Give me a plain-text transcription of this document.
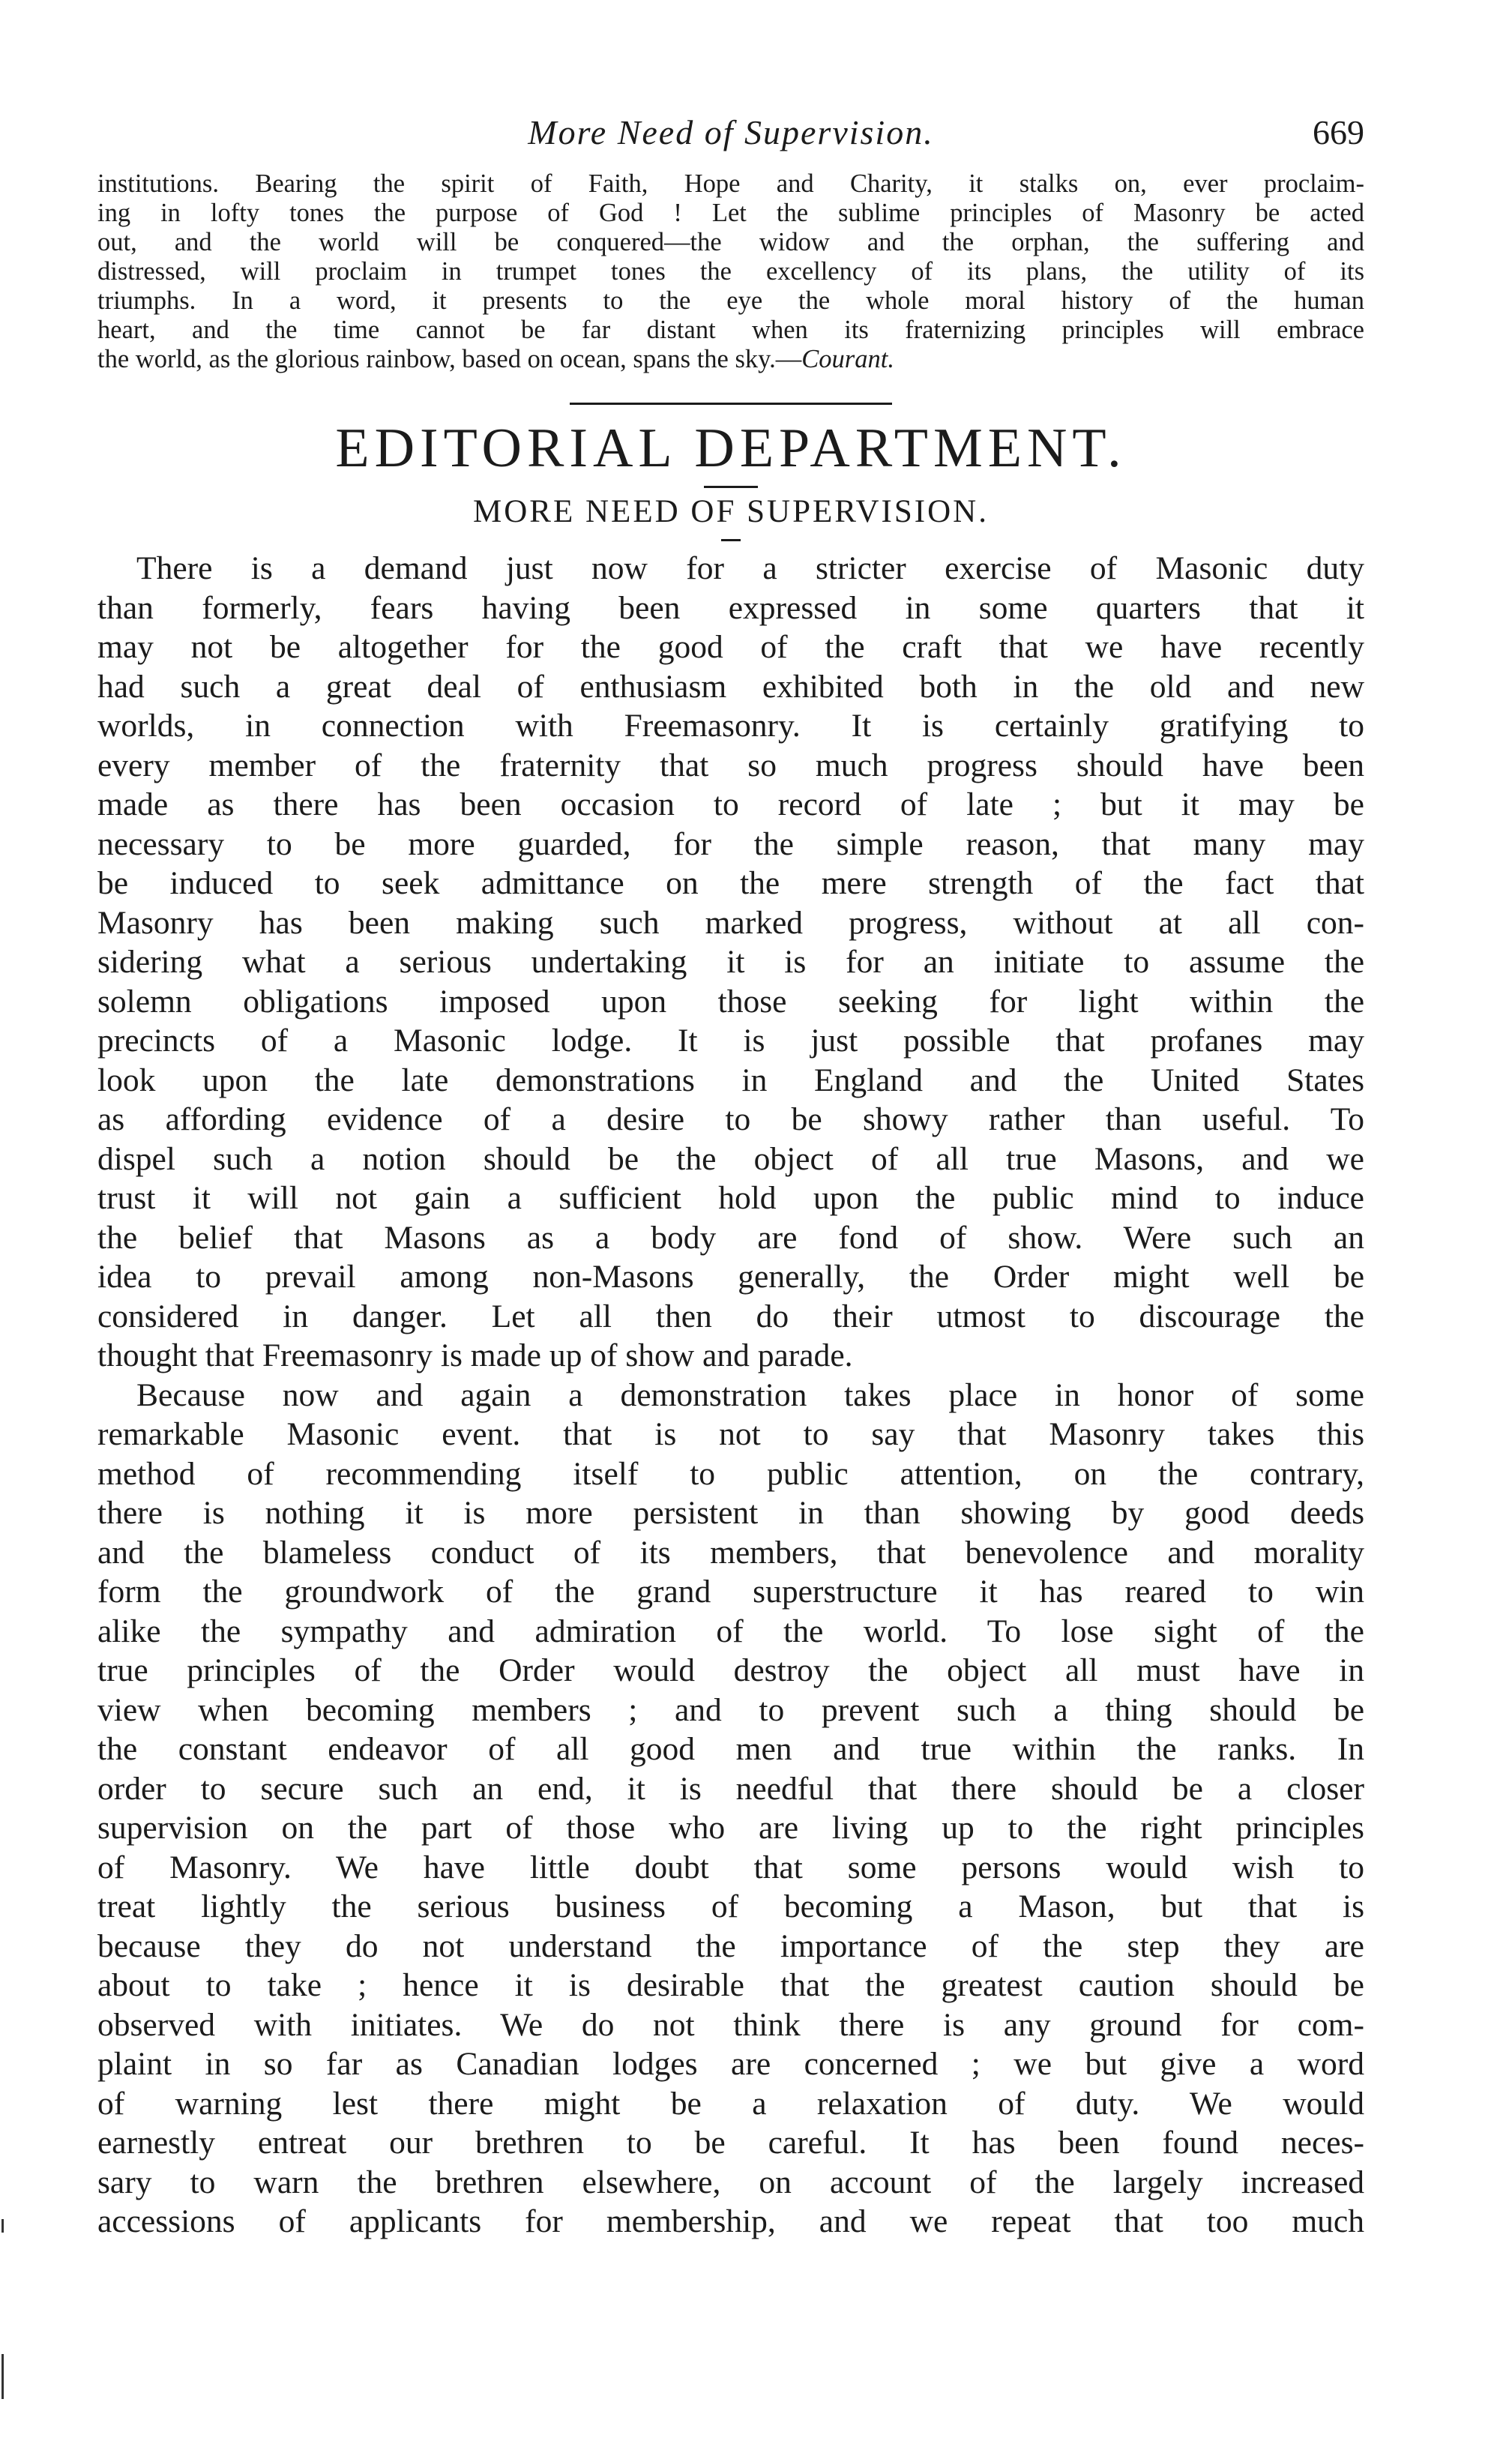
More Need of Supervision.	669
institutions. Bearing the spirit of Faith, Hope and Charity, it stalks on, ever proclaim-
ing in lofty tones the purpose of God ! Let the sublime principles of Masonry be acted
out, and the world will be conquered—the widow and the orphan, the suffering and
distressed, will proclaim in trumpet tones the excellency of its plans, the utility of its
triumphs. In a word, it presents to the eye the whole moral history of the human
heart, and the time cannot be far distant when its fraternizing principles will embrace
the world, as the glorious rainbow, based on ocean, spans the sky.—Courant.
EDITORIAL DEPARTMENT.
MORE NEED OF SUPERVISION.
There is a demand just now for a stricter exercise of Masonic duty
than formerly, fears having been expressed in some quarters that it
may not be altogether for the good of the craft that we have recently
had such a great deal of enthusiasm exhibited both in the old and new
worlds, in connection with Freemasonry. It is certainly gratifying to
every member of the fraternity that so much progress should have been
made as there has been occasion to record of late ; but it may be
necessary to be more guarded, for the simple reason, that many may
be induced to seek admittance on the mere strength of the fact that
Masonry has been making such marked progress, without at all con-
sidering what a serious undertaking it is for an initiate to assume the
solemn obligations imposed upon those seeking for light within the
precincts of a Masonic lodge. It is just possible that profanes may
look upon the late demonstrations in England and the United States
as affording evidence of a desire to be showy rather than useful. To
dispel such a notion should be the object of all true Masons, and we
trust it will not gain a sufficient hold upon the public mind to induce
the belief that Masons as a body are fond of show. Were such an
idea to prevail among non-Masons generally, the Order might well be
considered in danger. Let all then do their utmost to discourage the
thought that Freemasonry is made up of show and parade.
Because now and again a demonstration takes place in honor of some
remarkable Masonic event. that is not to say that Masonry takes this
method of recommending itself to public attention, on the contrary,
there is nothing it is more persistent in than showing by good deeds
and the blameless conduct of its members, that benevolence and morality
form the groundwork of the grand superstructure it has reared to win
alike the sympathy and admiration of the world. To lose sight of the
true principles of the Order would destroy the object all must have in
view when becoming members ; and to prevent such a thing should be
the constant endeavor of all good men and true within the ranks. In
order to secure such an end, it is needful that there should be a closer
supervision on the part of those who are living up to the right principles
of Masonry. We have little doubt that some persons would wish to
treat lightly the serious business of becoming a Mason, but that is
because they do not understand the importance of the step they are
about to take ; hence it is desirable that the greatest caution should be
observed with initiates. We do not think there is any ground for com-
plaint in so far as Canadian lodges are concerned ; we but give a word
of warning lest there might be a relaxation of duty. We would
earnestly entreat our brethren to be careful. It has been found neces-
sary to warn the brethren elsewhere, on account of the largely increased
accessions of applicants for membership, and we repeat that too much
